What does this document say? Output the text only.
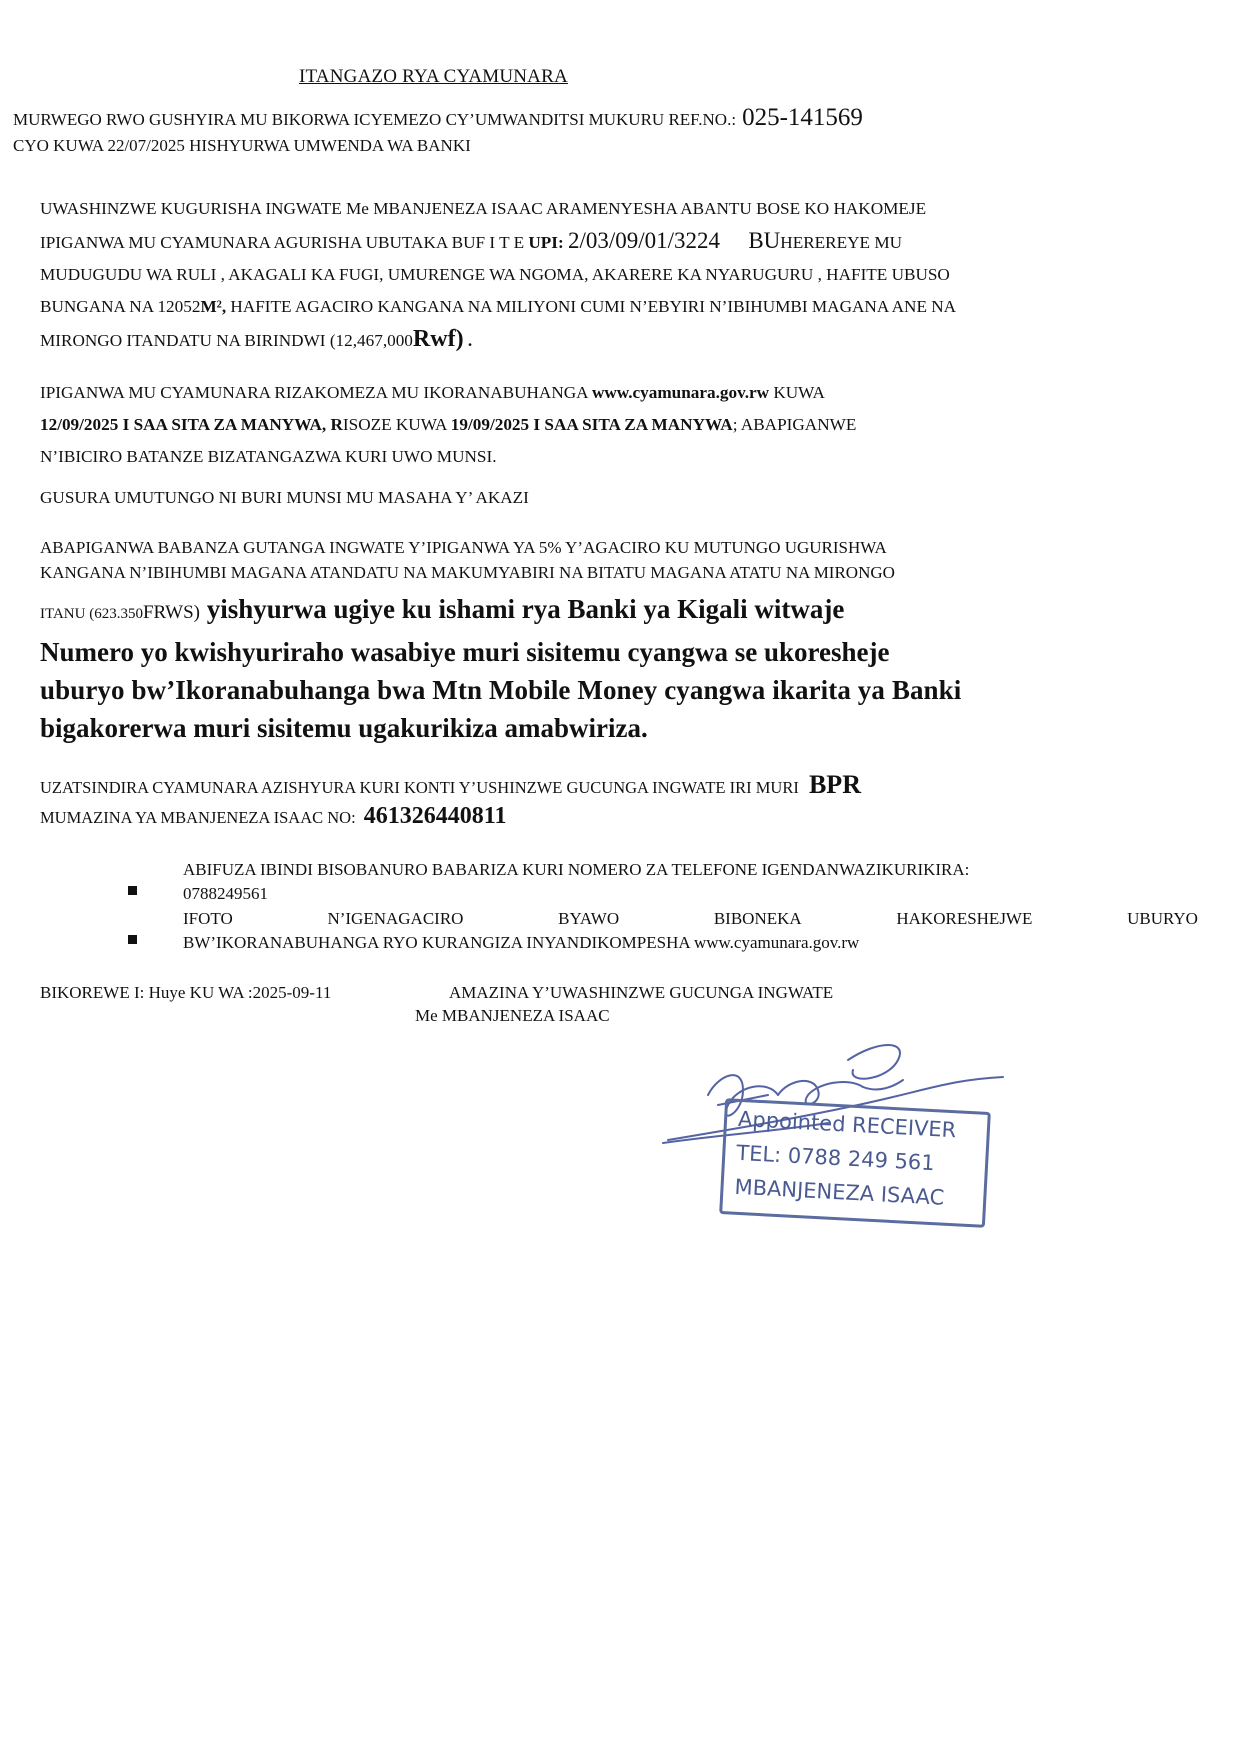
ITANGAZO RYA CYAMUNARA
MURWEGO RWO GUSHYIRA MU BIKORWA ICYEMEZO CY’UMWANDITSI MUKURU REF.NO.: 025-141569
CYO KUWA 22/07/2025 HISHYURWA UMWENDA WA BANKI
UWASHINZWE KUGURISHA INGWATE Me MBANJENEZA ISAAC ARAMENYESHA ABANTU BOSE KO HAKOMEJE
IPIGANWA MU CYAMUNARA AGURISHA UBUTAKA BUF I T E UPI: 2/03/09/01/3224 BUHEREREYE MU
MUDUGUDU WA RULI , AKAGALI KA FUGI, UMURENGE WA NGOMA, AKARERE KA NYARUGURU , HAFITE UBUSO
BUNGANA NA 12052M², HAFITE AGACIRO KANGANA NA MILIYONI CUMI N’EBYIRI N’IBIHUMBI MAGANA ANE NA
MIRONGO ITANDATU NA BIRINDWI (12,467,000Rwf) .
IPIGANWA MU CYAMUNARA RIZAKOMEZA MU IKORANABUHANGA www.cyamunara.gov.rw KUWA
12/09/2025 I SAA SITA ZA MANYWA, RISOZE KUWA 19/09/2025 I SAA SITA ZA MANYWA; ABAPIGANWE
N’IBICIRO BATANZE BIZATANGAZWA KURI UWO MUNSI.
GUSURA UMUTUNGO NI BURI MUNSI MU MASAHA Y’ AKAZI
ABAPIGANWA BABANZA GUTANGA INGWATE Y’IPIGANWA YA 5% Y’AGACIRO KU MUTUNGO UGURISHWA
KANGANA N’IBIHUMBI MAGANA ATANDATU NA MAKUMYABIRI NA BITATU MAGANA ATATU NA MIRONGO
ITANU (623.350FRWS) yishyurwa ugiye ku ishami rya Banki ya Kigali witwaje
Numero yo kwishyuriraho wasabiye muri sisitemu cyangwa se ukoresheje
uburyo bw’Ikoranabuhanga bwa Mtn Mobile Money cyangwa ikarita ya Banki
bigakorerwa muri sisitemu ugakurikiza amabwiriza.
UZATSINDIRA CYAMUNARA AZISHYURA KURI KONTI Y’USHINZWE GUCUNGA INGWATE IRI MURI BPR
MUMAZINA YA MBANJENEZA ISAAC NO: 461326440811
ABIFUZA IBINDI BISOBANURO BABARIZA KURI NOMERO ZA TELEFONE IGENDANWAZIKURIKIRA:
0788249561
IFOTO	N’IGENAGACIRO	BYAWO	BIBONEKA	HAKORESHEJWE	UBURYO
BW’IKORANABUHANGA RYO KURANGIZA INYANDIKOMPESHA www.cyamunara.gov.rw
BIKOREWE I: Huye KU WA :2025-09-11	AMAZINA Y’UWASHINZWE GUCUNGA INGWATE
Me MBANJENEZA ISAAC
Appointed RECEIVER
TEL: 0788 249 561
MBANJENEZA ISAAC
